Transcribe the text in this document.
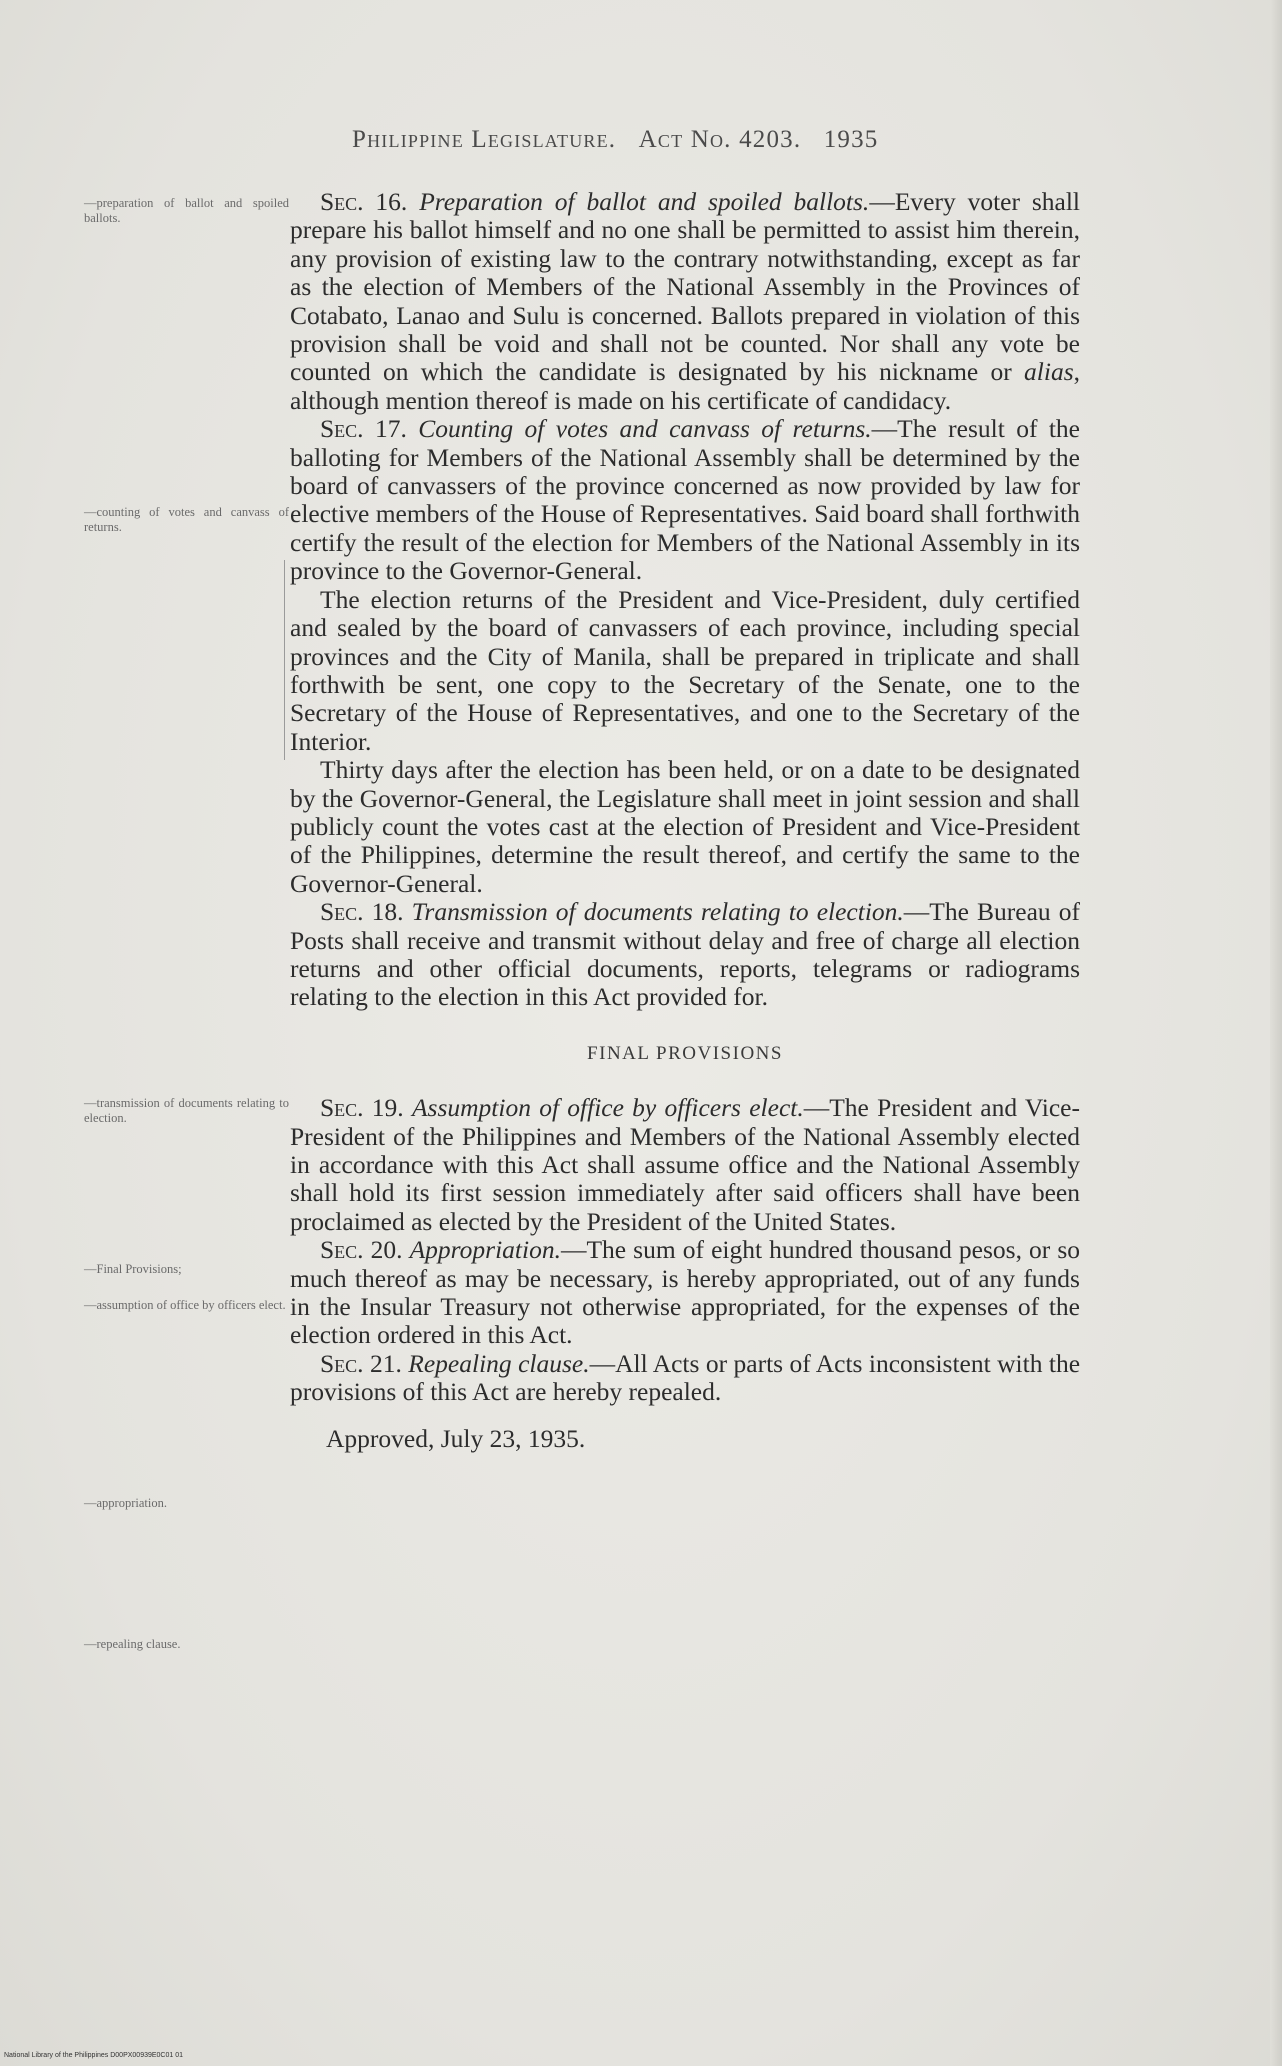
Philippine Legislature. Act No. 4203. 1935
—preparation of ballot and spoiled ballots.
—counting of votes and canvass of returns.
—transmission of documents relating to election.
—Final Provisions;
—assumption of office by officers elect.
—appropriation.
—repealing clause.

Sec. 16. Preparation of ballot and spoiled ballots.—Every voter shall prepare his ballot himself and no one shall be permitted to assist him therein, any provision of existing law to the contrary notwithstanding, except as far as the election of Members of the National Assembly in the Provinces of Cotabato, Lanao and Sulu is concerned. Ballots prepared in violation of this provision shall be void and shall not be counted. Nor shall any vote be counted on which the candidate is designated by his nickname or alias, although mention thereof is made on his certificate of candidacy.

Sec. 17. Counting of votes and canvass of returns.—The result of the balloting for Members of the National Assembly shall be determined by the board of canvassers of the province concerned as now provided by law for elective members of the House of Representatives. Said board shall forthwith certify the result of the election for Members of the National Assembly in its province to the Governor-General.

The election returns of the President and Vice-President, duly certified and sealed by the board of canvassers of each province, including special provinces and the City of Manila, shall be prepared in triplicate and shall forthwith be sent, one copy to the Secretary of the Senate, one to the Secretary of the House of Representatives, and one to the Secretary of the Interior.

Thirty days after the election has been held, or on a date to be designated by the Governor-General, the Legislature shall meet in joint session and shall publicly count the votes cast at the election of President and Vice-President of the Philippines, determine the result thereof, and certify the same to the Governor-General.

Sec. 18. Transmission of documents relating to election.—The Bureau of Posts shall receive and transmit without delay and free of charge all election returns and other official documents, reports, telegrams or radiograms relating to the election in this Act provided for.

FINAL PROVISIONS

Sec. 19. Assumption of office by officers elect.—The President and Vice-President of the Philippines and Members of the National Assembly elected in accordance with this Act shall assume office and the National Assembly shall hold its first session immediately after said officers shall have been proclaimed as elected by the President of the United States.

Sec. 20. Appropriation.—The sum of eight hundred thousand pesos, or so much thereof as may be necessary, is hereby appropriated, out of any funds in the Insular Treasury not otherwise appropriated, for the expenses of the election ordered in this Act.

Sec. 21. Repealing clause.—All Acts or parts of Acts inconsistent with the provisions of this Act are hereby repealed.

Approved, July 23, 1935.

National Library of the Philippines D00PX00939E0C01 01
